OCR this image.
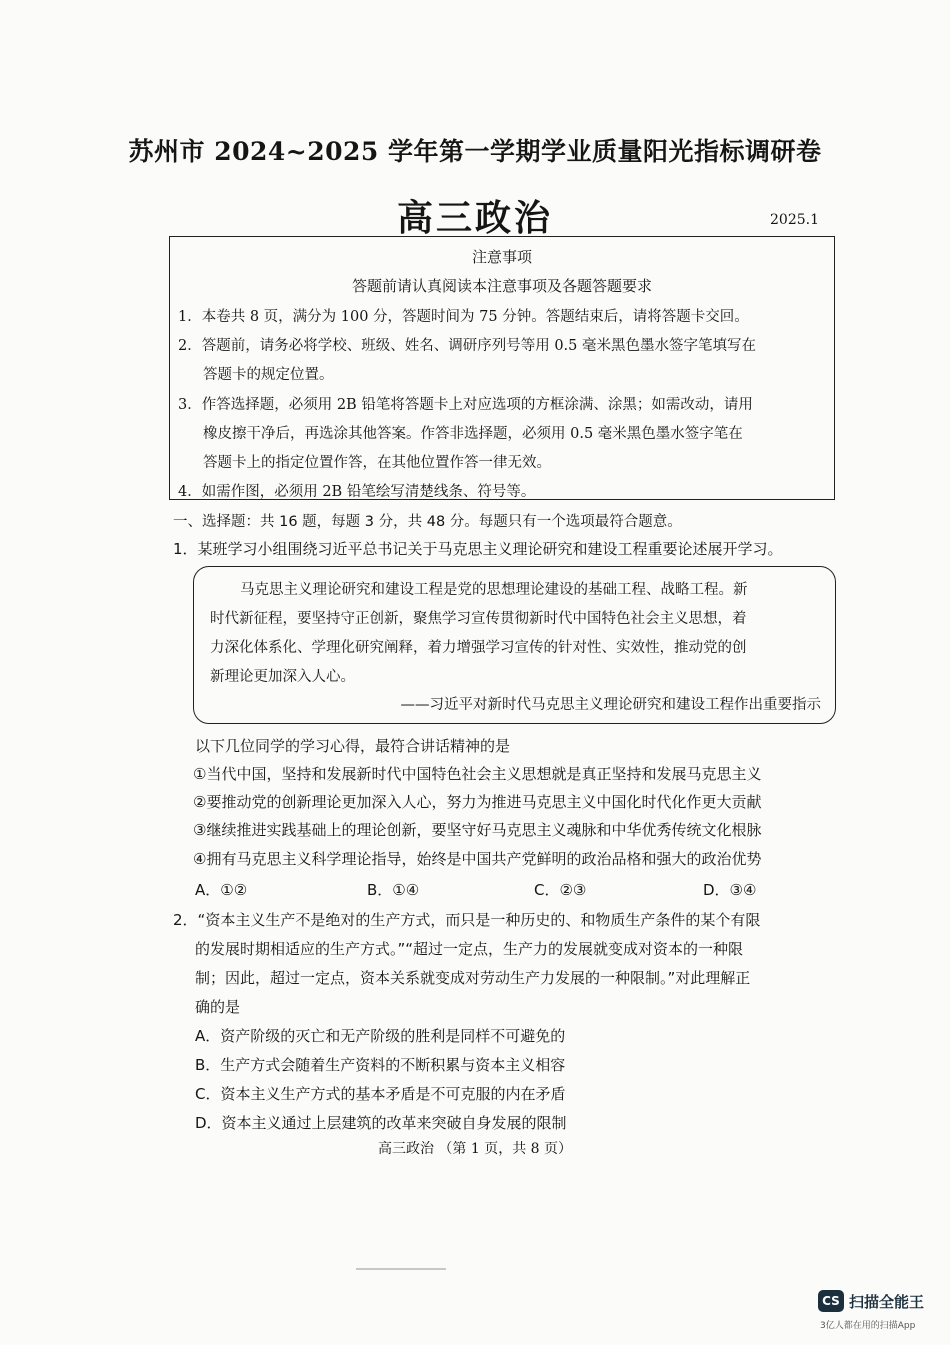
苏州市 2024~2025 学年第一学期学业质量阳光指标调研卷
高三政治	2025.1
注意事项
答题前请认真阅读本注意事项及各题答题要求
1．本卷共 8 页，满分为 100 分，答题时间为 75 分钟。答题结束后，请将答题卡交回。
2．答题前，请务必将学校、班级、姓名、调研序列号等用 0.5 毫米黑色墨水签字笔填写在
答题卡的规定位置。
3．作答选择题，必须用 2B 铅笔将答题卡上对应选项的方框涂满、涂黑；如需改动，请用
橡皮擦干净后，再选涂其他答案。作答非选择题，必须用 0.5 毫米黑色墨水签字笔在
答题卡上的指定位置作答，在其他位置作答一律无效。
4．如需作图，必须用 2B 铅笔绘写清楚线条、符号等。
一、选择题：共 16 题，每题 3 分，共 48 分。每题只有一个选项最符合题意。
1．某班学习小组围绕习近平总书记关于马克思主义理论研究和建设工程重要论述展开学习。
马克思主义理论研究和建设工程是党的思想理论建设的基础工程、战略工程。新
时代新征程，要坚持守正创新，聚焦学习宣传贯彻新时代中国特色社会主义思想，着
力深化体系化、学理化研究阐释，着力增强学习宣传的针对性、实效性，推动党的创
新理论更加深入人心。
——习近平对新时代马克思主义理论研究和建设工程作出重要指示
以下几位同学的学习心得，最符合讲话精神的是
①当代中国，坚持和发展新时代中国特色社会主义思想就是真正坚持和发展马克思主义
②要推动党的创新理论更加深入人心，努力为推进马克思主义中国化时代化作更大贡献
③继续推进实践基础上的理论创新，要坚守好马克思主义魂脉和中华优秀传统文化根脉
④拥有马克思主义科学理论指导，始终是中国共产党鲜明的政治品格和强大的政治优势
A．①②	B．①④	C．②③	D．③④
2．“资本主义生产不是绝对的生产方式，而只是一种历史的、和物质生产条件的某个有限
的发展时期相适应的生产方式。”“超过一定点，生产力的发展就变成对资本的一种限
制；因此，超过一定点，资本关系就变成对劳动生产力发展的一种限制。”对此理解正
确的是
A．资产阶级的灭亡和无产阶级的胜利是同样不可避免的
B．生产方式会随着生产资料的不断积累与资本主义相容
C．资本主义生产方式的基本矛盾是不可克服的内在矛盾
D．资本主义通过上层建筑的改革来突破自身发展的限制
高三政治 （第 1 页，共 8 页）
CS 扫描全能王
3亿人都在用的扫描App
